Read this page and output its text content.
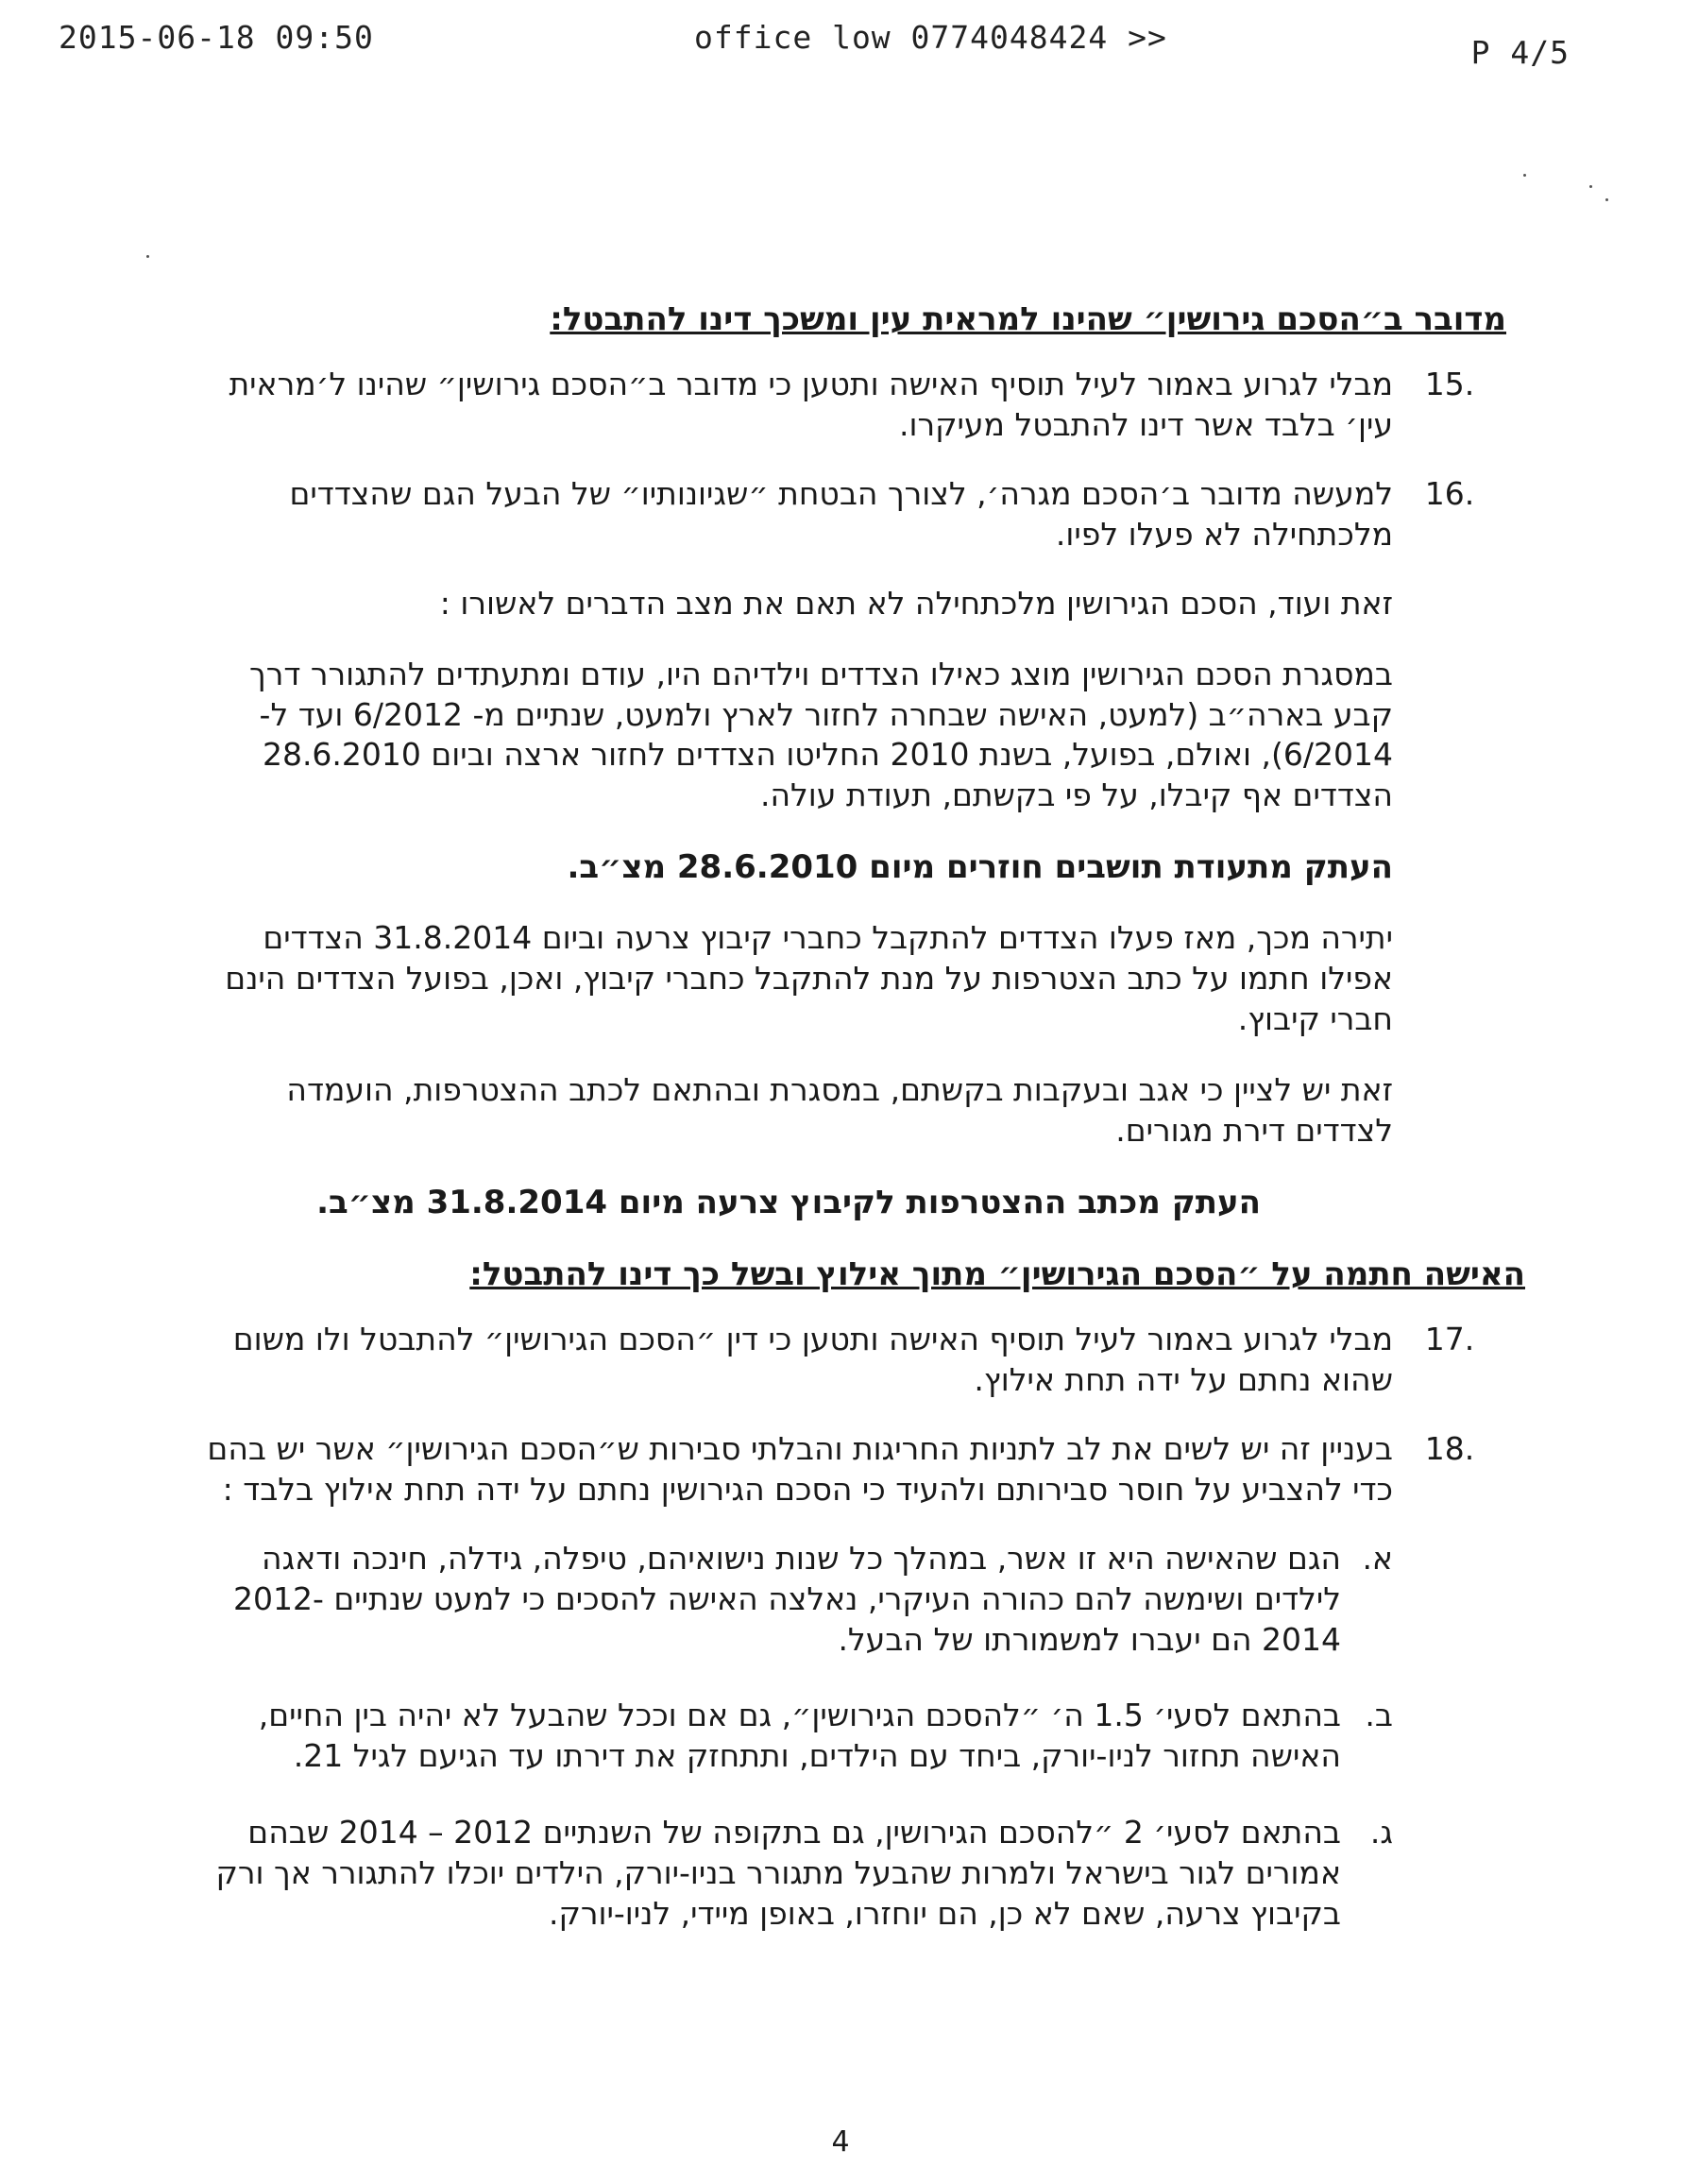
2015-06-18 09:50	office low 0774048424 >>	P 4/5
מדובר ב״הסכם גירושין״ שהינו למראית עין ומשכך דינו להתבטל:
.15
מבלי לגרוע באמור לעיל תוסיף האישה ותטען כי מדובר ב״הסכם גירושין״ שהינו ל׳מראית עין׳ בלבד אשר דינו להתבטל מעיקרו.
.16
למעשה מדובר ב׳הסכם מגרה׳, לצורך הבטחת ״שגיונותיו״ של הבעל הגם שהצדדים מלכתחילה לא פעלו לפיו.
זאת ועוד, הסכם הגירושין מלכתחילה לא תאם את מצב הדברים לאשורו :
במסגרת הסכם הגירושין מוצג כאילו הצדדים וילדיהם היו, עודם ומתעתדים להתגורר דרך קבע בארה״ב (למעט, האישה שבחרה לחזור לארץ ולמעט, שנתיים מ- 6/2012 ועד ל- 6/2014), ואולם, בפועל, בשנת 2010 החליטו הצדדים לחזור ארצה וביום 28.6.2010 הצדדים אף קיבלו, על פי בקשתם, תעודת עולה.
העתק מתעודת תושבים חוזרים מיום 28.6.2010 מצ״ב.
יתירה מכך, מאז פעלו הצדדים להתקבל כחברי קיבוץ צרעה וביום 31.8.2014 הצדדים אפילו חתמו על כתב הצטרפות על מנת להתקבל כחברי קיבוץ, ואכן, בפועל הצדדים הינם חברי קיבוץ.
זאת יש לציין כי אגב ובעקבות בקשתם, במסגרת ובהתאם לכתב ההצטרפות, הועמדה לצדדים דירת מגורים.
העתק מכתב ההצטרפות לקיבוץ צרעה מיום 31.8.2014 מצ״ב.
האישה חתמה על ״הסכם הגירושין״ מתוך אילוץ ובשל כך דינו להתבטל:
.17
מבלי לגרוע באמור לעיל תוסיף האישה ותטען כי דין ״הסכם הגירושין״ להתבטל ולו משום שהוא נחתם על ידה תחת אילוץ.
.18
בעניין זה יש לשים את לב לתניות החריגות והבלתי סבירות ש״הסכם הגירושין״ אשר יש בהם כדי להצביע על חוסר סבירותם ולהעיד כי הסכם הגירושין נחתם על ידה תחת אילוץ בלבד :
א.
הגם שהאישה היא זו אשר, במהלך כל שנות נישואיהם, טיפלה, גידלה, חינכה ודאגה לילדים ושימשה להם כהורה העיקרי, נאלצה האישה להסכים כי למעט שנתיים 2012-2014 הם יעברו למשמורתו של הבעל.
ב.
בהתאם לסעי׳ 1.5 ה׳ ״להסכם הגירושין״, גם אם וככל שהבעל לא יהיה בין החיים, האישה תחזור לניו-יורק, ביחד עם הילדים, ותתחזק את דירתו עד הגיעם לגיל 21.
ג.
בהתאם לסעי׳ 2 ״להסכם הגירושין, גם בתקופה של השנתיים 2012 – 2014 שבהם אמורים לגור בישראל ולמרות שהבעל מתגורר בניו-יורק, הילדים יוכלו להתגורר אך ורק בקיבוץ צרעה, שאם לא כן, הם יוחזרו, באופן מיידי, לניו-יורק.
4
